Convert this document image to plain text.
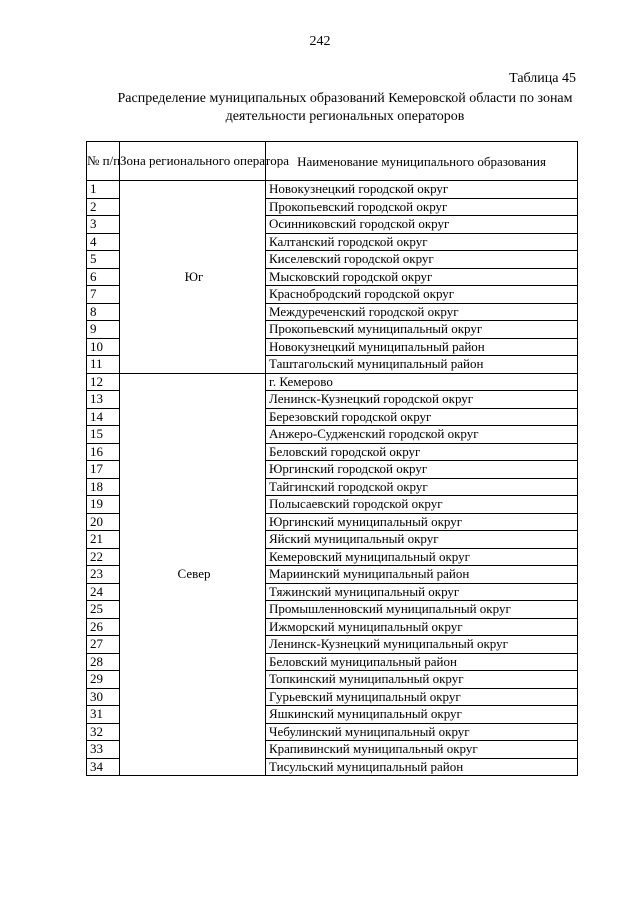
242
Таблица 45
Распределение муниципальных образований Кемеровской области по зонам деятельности региональных операторов
№ п/п	Зона регионального оператора	Наименование муниципального образования
1	Юг	Новокузнецкий городской округ
2		Прокопьевский городской округ
3		Осинниковский городской округ
4		Калтанский городской округ
5		Киселевский городской округ
6		Мысковский городской округ
7		Краснобродский городской округ
8		Междуреченский городской округ
9		Прокопьевский муниципальный округ
10		Новокузнецкий муниципальный район
11		Таштагольский муниципальный район
12	Север	г. Кемерово
13		Ленинск-Кузнецкий городской округ
14		Березовский городской округ
15		Анжеро-Судженский городской округ
16		Беловский городской округ
17		Юргинский городской округ
18		Тайгинский городской округ
19		Полысаевский городской округ
20		Юргинский муниципальный округ
21		Яйский муниципальный округ
22		Кемеровский муниципальный округ
23		Мариинский муниципальный район
24		Тяжинский муниципальный округ
25		Промышленновский муниципальный округ
26		Ижморский муниципальный округ
27		Ленинск-Кузнецкий муниципальный округ
28		Беловский муниципальный район
29		Топкинский муниципальный округ
30		Гурьевский муниципальный округ
31		Яшкинский муниципальный округ
32		Чебулинский муниципальный округ
33		Крапивинский муниципальный округ
34		Тисульский муниципальный район
